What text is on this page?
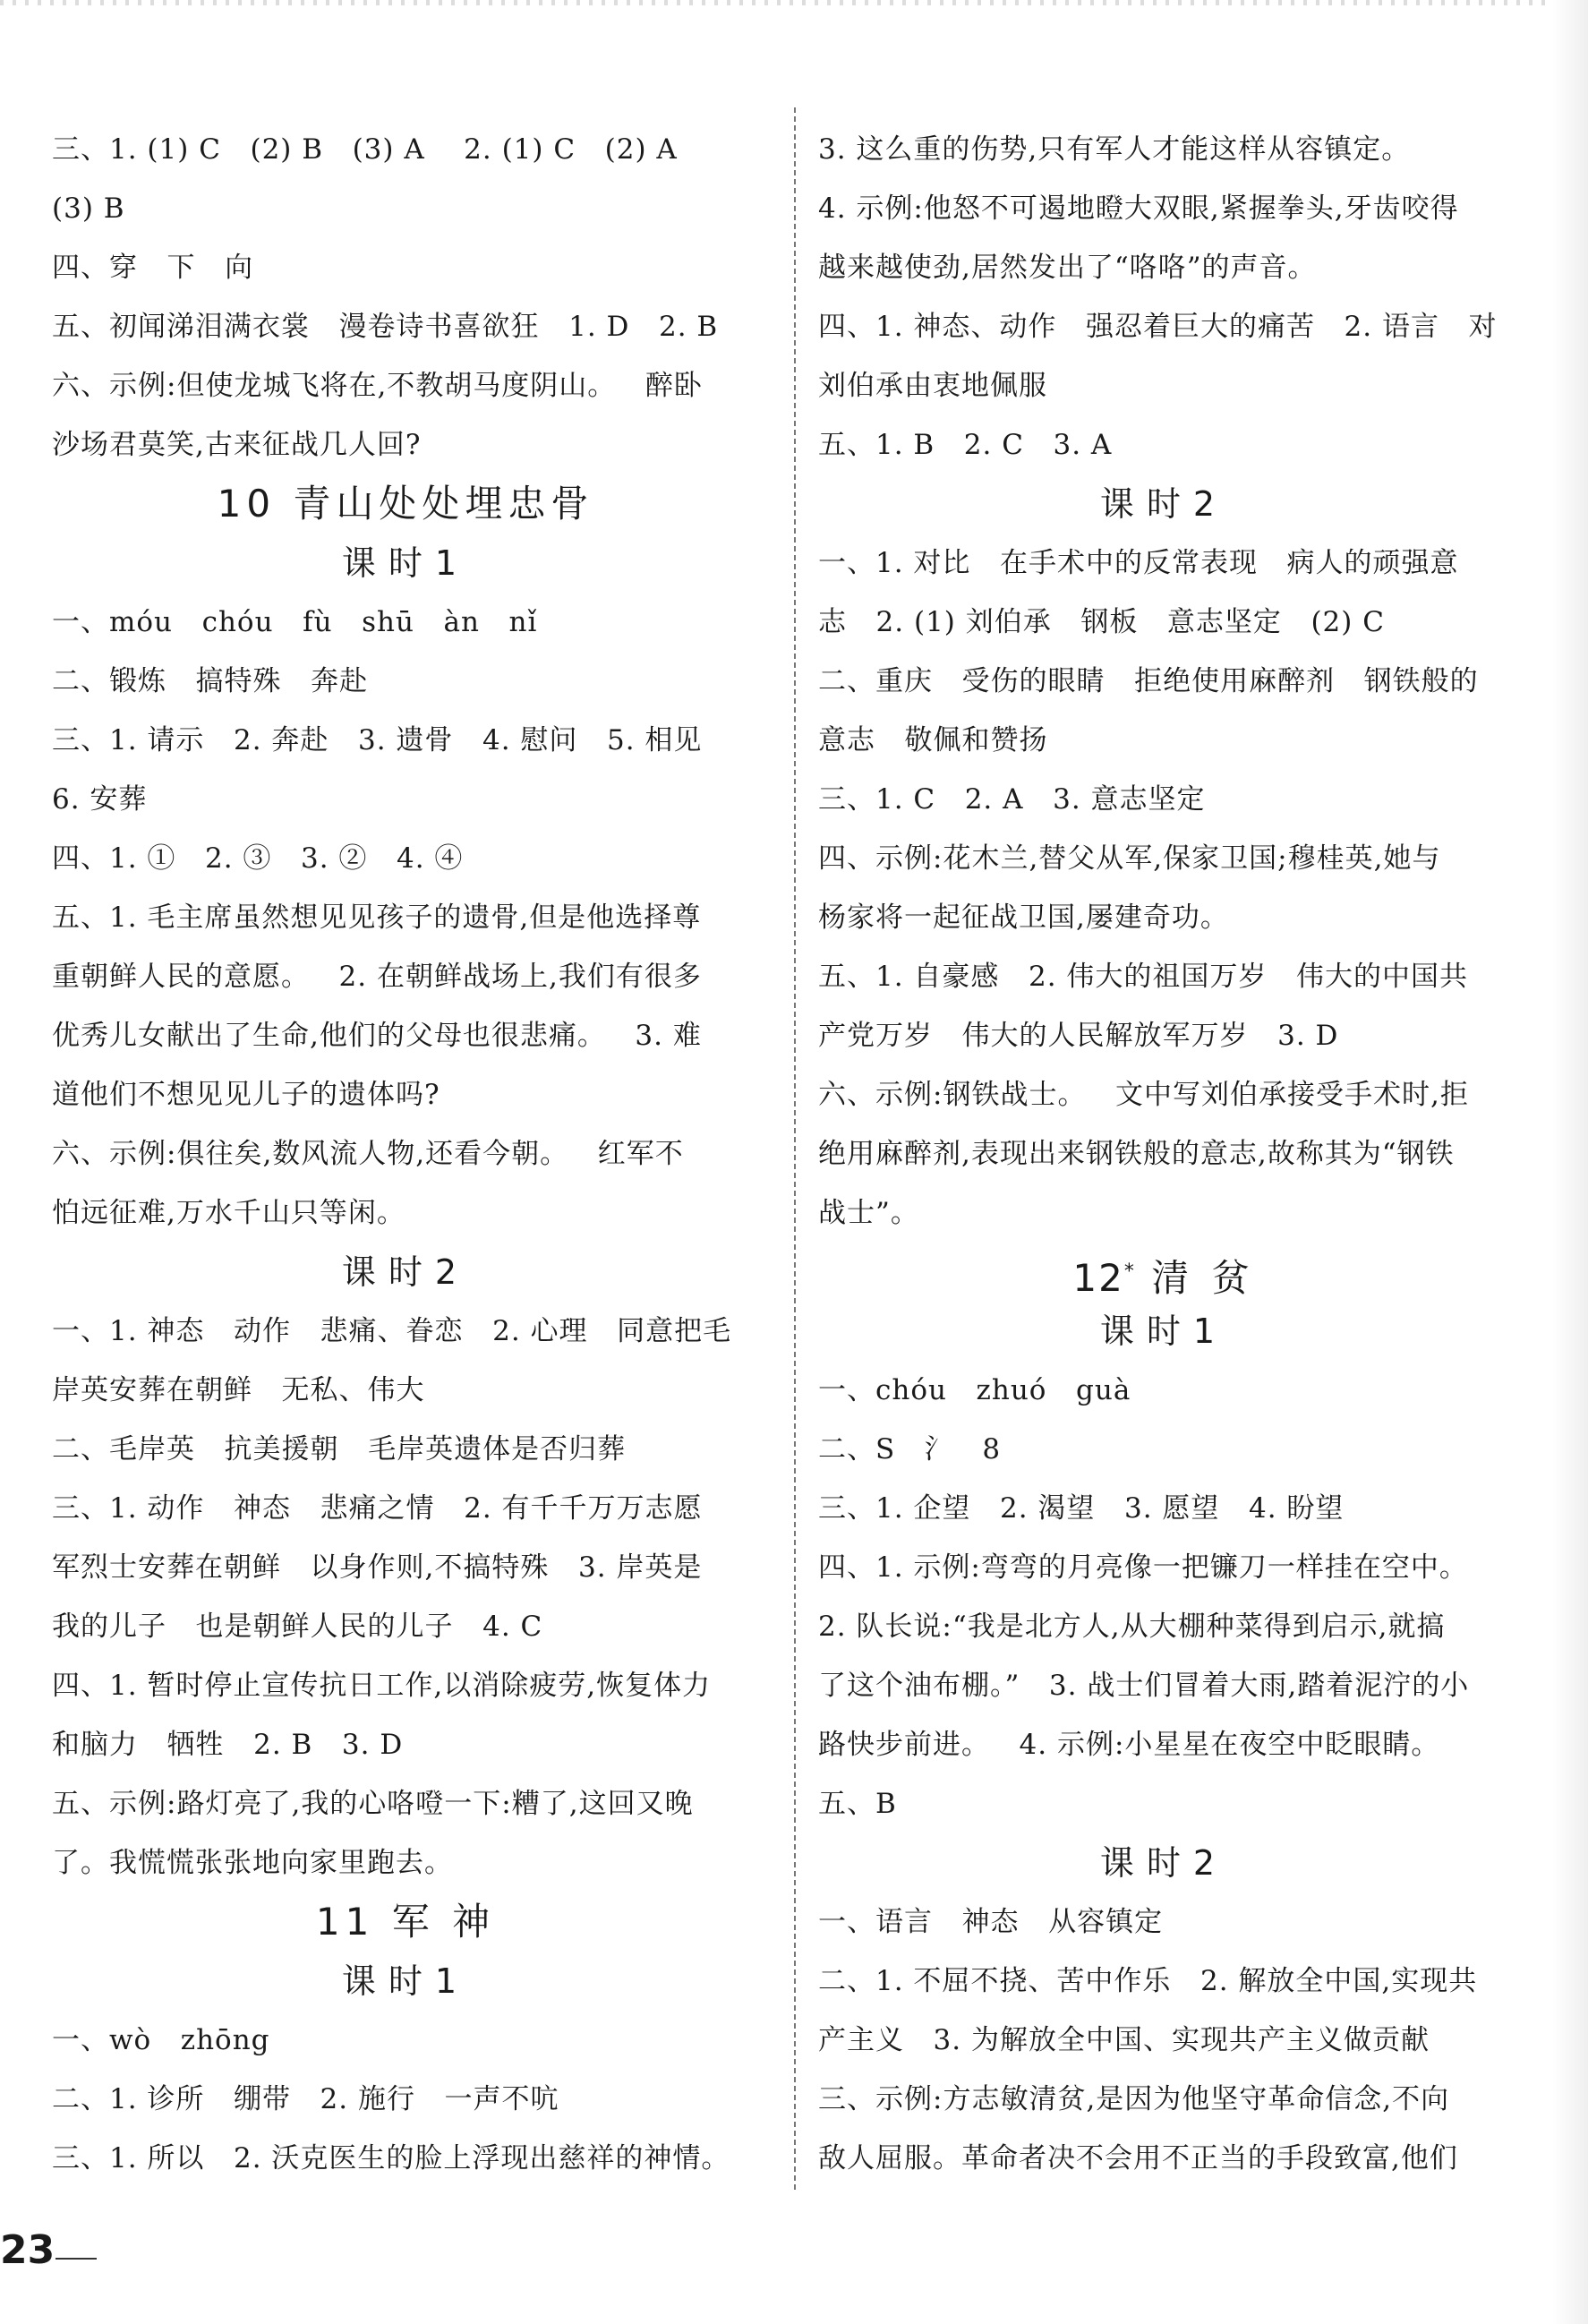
三、1. (1) C   (2) B   (3) A    2. (1) C   (2) A
(3) B
四、穿   下   向
五、初闻涕泪满衣裳   漫卷诗书喜欲狂   1. D   2. B
六、示例:但使龙城飞将在,不教胡马度阴山。   醉卧
沙场君莫笑,古来征战几人回?
10 青山处处埋忠骨
课时1
一、móu   chóu   fù   shū   àn   nǐ
二、锻炼   搞特殊   奔赴
三、1. 请示   2. 奔赴   3. 遗骨   4. 慰问   5. 相见
6. 安葬
四、1. ①   2. ③   3. ②   4. ④
五、1. 毛主席虽然想见见孩子的遗骨,但是他选择尊
重朝鲜人民的意愿。   2. 在朝鲜战场上,我们有很多
优秀儿女献出了生命,他们的父母也很悲痛。   3. 难
道他们不想见见儿子的遗体吗?
六、示例:俱往矣,数风流人物,还看今朝。   红军不
怕远征难,万水千山只等闲。
课时2
一、1. 神态   动作   悲痛、眷恋   2. 心理   同意把毛
岸英安葬在朝鲜   无私、伟大
二、毛岸英   抗美援朝   毛岸英遗体是否归葬
三、1. 动作   神态   悲痛之情   2. 有千千万万志愿
军烈士安葬在朝鲜   以身作则,不搞特殊   3. 岸英是
我的儿子   也是朝鲜人民的儿子   4. C
四、1. 暂时停止宣传抗日工作,以消除疲劳,恢复体力
和脑力   牺牲   2. B   3. D
五、示例:路灯亮了,我的心咯噔一下:糟了,这回又晚
了。我慌慌张张地向家里跑去。
11 军 神
课时1
一、wò   zhōng
二、1. 诊所   绷带   2. 施行   一声不吭
三、1. 所以   2. 沃克医生的脸上浮现出慈祥的神情。
3. 这么重的伤势,只有军人才能这样从容镇定。
4. 示例:他怒不可遏地瞪大双眼,紧握拳头,牙齿咬得
越来越使劲,居然发出了“咯咯”的声音。
四、1. 神态、动作   强忍着巨大的痛苦   2. 语言   对
刘伯承由衷地佩服
五、1. B   2. C   3. A
课时2
一、1. 对比   在手术中的反常表现   病人的顽强意
志   2. (1) 刘伯承   钢板   意志坚定   (2) C
二、重庆   受伤的眼睛   拒绝使用麻醉剂   钢铁般的
意志   敬佩和赞扬
三、1. C   2. A   3. 意志坚定
四、示例:花木兰,替父从军,保家卫国;穆桂英,她与
杨家将一起征战卫国,屡建奇功。
五、1. 自豪感   2. 伟大的祖国万岁   伟大的中国共
产党万岁   伟大的人民解放军万岁   3. D
六、示例:钢铁战士。   文中写刘伯承接受手术时,拒
绝用麻醉剂,表现出来钢铁般的意志,故称其为“钢铁
战士”。
12* 清 贫
课时1
一、chóu   zhuó   guà
二、S   氵   8
三、1. 企望   2. 渴望   3. 愿望   4. 盼望
四、1. 示例:弯弯的月亮像一把镰刀一样挂在空中。
2. 队长说:“我是北方人,从大棚种菜得到启示,就搞
了这个油布棚。”   3. 战士们冒着大雨,踏着泥泞的小
路快步前进。   4. 示例:小星星在夜空中眨眼睛。
五、B
课时2
一、语言   神态   从容镇定
二、1. 不屈不挠、苦中作乐   2. 解放全中国,实现共
产主义   3. 为解放全中国、实现共产主义做贡献
三、示例:方志敏清贫,是因为他坚守革命信念,不向
敌人屈服。革命者决不会用不正当的手段致富,他们
23
